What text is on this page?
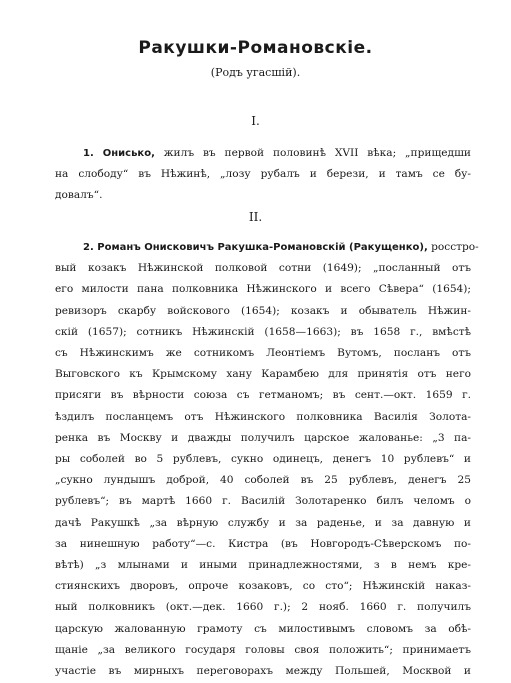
Ракушки-Романовскіе.
(Родъ угасшій).
I.
1. Онисько, жилъ въ первой половинѣ XVII вѣка; „прищедши
на слободу“ въ Нѣжинѣ, „лозу рубалъ и берези, и тамъ се бу-
довалъ“.
II.
2. Романъ Онисковичъ Ракушка-Романовскій (Ракущенко), росстро-
вый козакъ Нѣжинской полковой сотни (1649); „посланный отъ
его милости пана полковника Нѣжинского и всего Сѣвера“ (1654);
ревизоръ скарбу войскового (1654); козакъ и обыватель Нѣжин-
скій (1657); сотникъ Нѣжинскій (1658—1663); въ 1658 г., вмѣстѣ
съ Нѣжинскимъ же сотникомъ Леонтіемъ Вутомъ, посланъ отъ
Выговского къ Крымскому хану Карамбею для принятія отъ него
присяги въ вѣрности союза съ гетманомъ; въ сент.—окт. 1659 г.
ѣздилъ посланцемъ отъ Нѣжинского полковника Василія Золота-
ренка въ Москву и дважды получилъ царское жалованье: „3 па-
ры соболей во 5 рублевъ, сукно одинецъ, денегъ 10 рублевъ“ и
„сукно лундышъ доброй, 40 соболей въ 25 рублевъ, денегъ 25
рублевъ“; въ мартѣ 1660 г. Василій Золотаренко билъ челомъ о
дачѣ Ракушкѣ „за вѣрную службу и за раденье, и за давную и
за нинешную работу“—с. Кистра (въ Новгородъ-Сѣверскомъ по-
вѣтѣ) „з млынами и иными принадлежностями, з в немъ кре-
стиянскихъ дворовъ, опроче козаковъ, со сто“; Нѣжинскій наказ-
ный полковникъ (окт.—дек. 1660 г.); 2 нояб. 1660 г. получилъ
царскую жалованную грамоту съ милостивымъ словомъ за обѣ-
щаніе „за великого государя головы своя положить“; принимаетъ
участіе въ мирныхъ переговорахъ между Польшей, Москвой и
